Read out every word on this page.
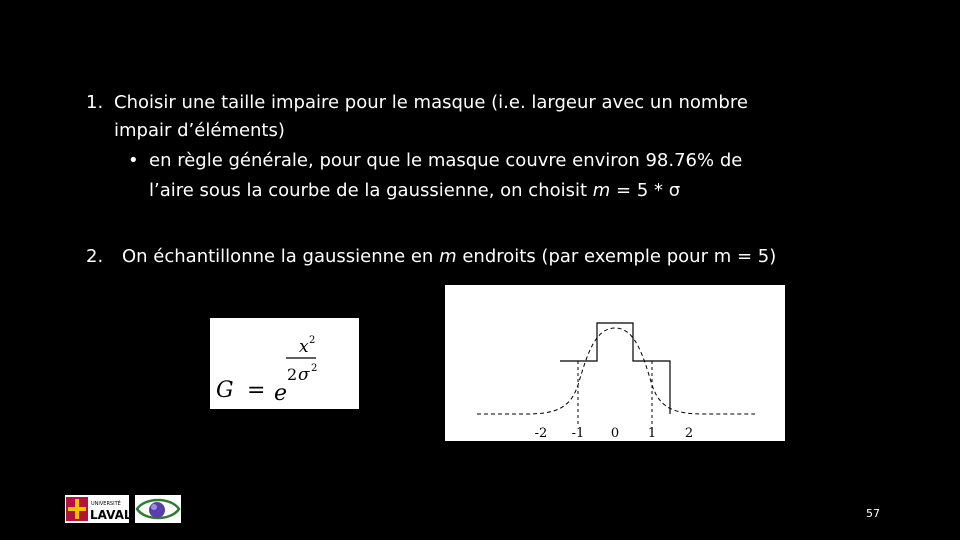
1. Choisir une taille impaire pour le masque (i.e. largeur avec un nombre
impair d’éléments)
• en règle générale, pour que le masque couvre environ 98.76% de
l’aire sous la courbe de la gaussienne, on choisit m = 5 * σ
2. On échantillonne la gaussienne en m endroits (par exemple pour m = 5)
G = e
x 2
2 σ 2
-2 -1 0 1 2
UNIVERSITÉ
LAVAL	57
